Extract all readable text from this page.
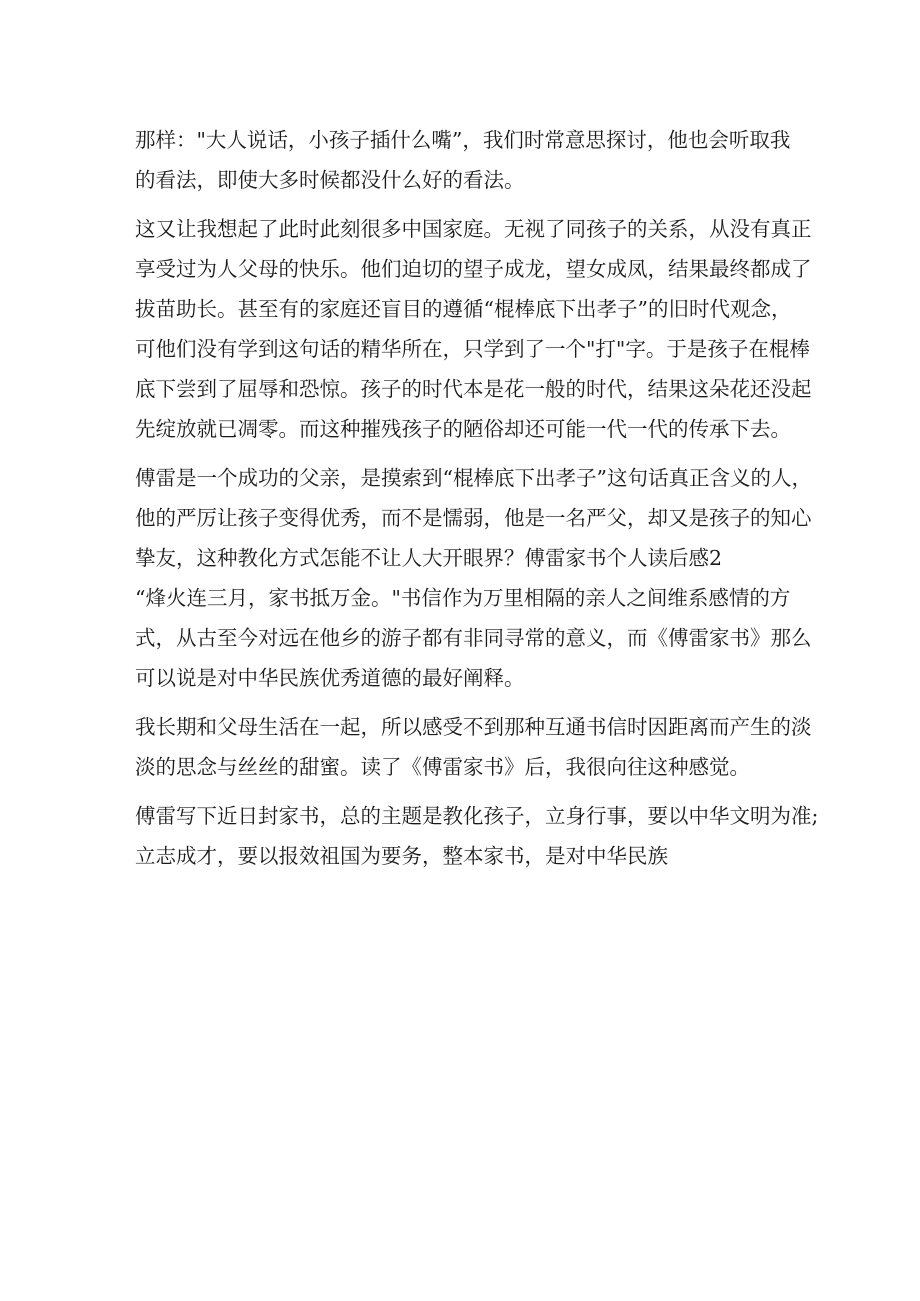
那样："大人说话，小孩子插什么嘴”，我们时常意思探讨，他也会听取我
的看法，即使大多时候都没什么好的看法。
这又让我想起了此时此刻很多中国家庭。无视了同孩子的关系，从没有真正
享受过为人父母的快乐。他们迫切的望子成龙，望女成凤，结果最终都成了
拔苗助长。甚至有的家庭还盲目的遵循“棍棒底下出孝子”的旧时代观念，
可他们没有学到这句话的精华所在，只学到了一个"打"字。于是孩子在棍棒
底下尝到了屈辱和恐惊。孩子的时代本是花一般的时代，结果这朵花还没起
先绽放就已凋零。而这种摧残孩子的陋俗却还可能一代一代的传承下去。
傅雷是一个成功的父亲，是摸索到“棍棒底下出孝子”这句话真正含义的人，
他的严厉让孩子变得优秀，而不是懦弱，他是一名严父，却又是孩子的知心
挚友，这种教化方式怎能不让人大开眼界？傅雷家书个人读后感2
“烽火连三月，家书抵万金。"书信作为万里相隔的亲人之间维系感情的方
式，从古至今对远在他乡的游子都有非同寻常的意义，而《傅雷家书》那么
可以说是对中华民族优秀道德的最好阐释。
我长期和父母生活在一起，所以感受不到那种互通书信时因距离而产生的淡
淡的思念与丝丝的甜蜜。读了《傅雷家书》后，我很向往这种感觉。
傅雷写下近日封家书，总的主题是教化孩子，立身行事，要以中华文明为准;
立志成才，要以报效祖国为要务，整本家书，是对中华民族
